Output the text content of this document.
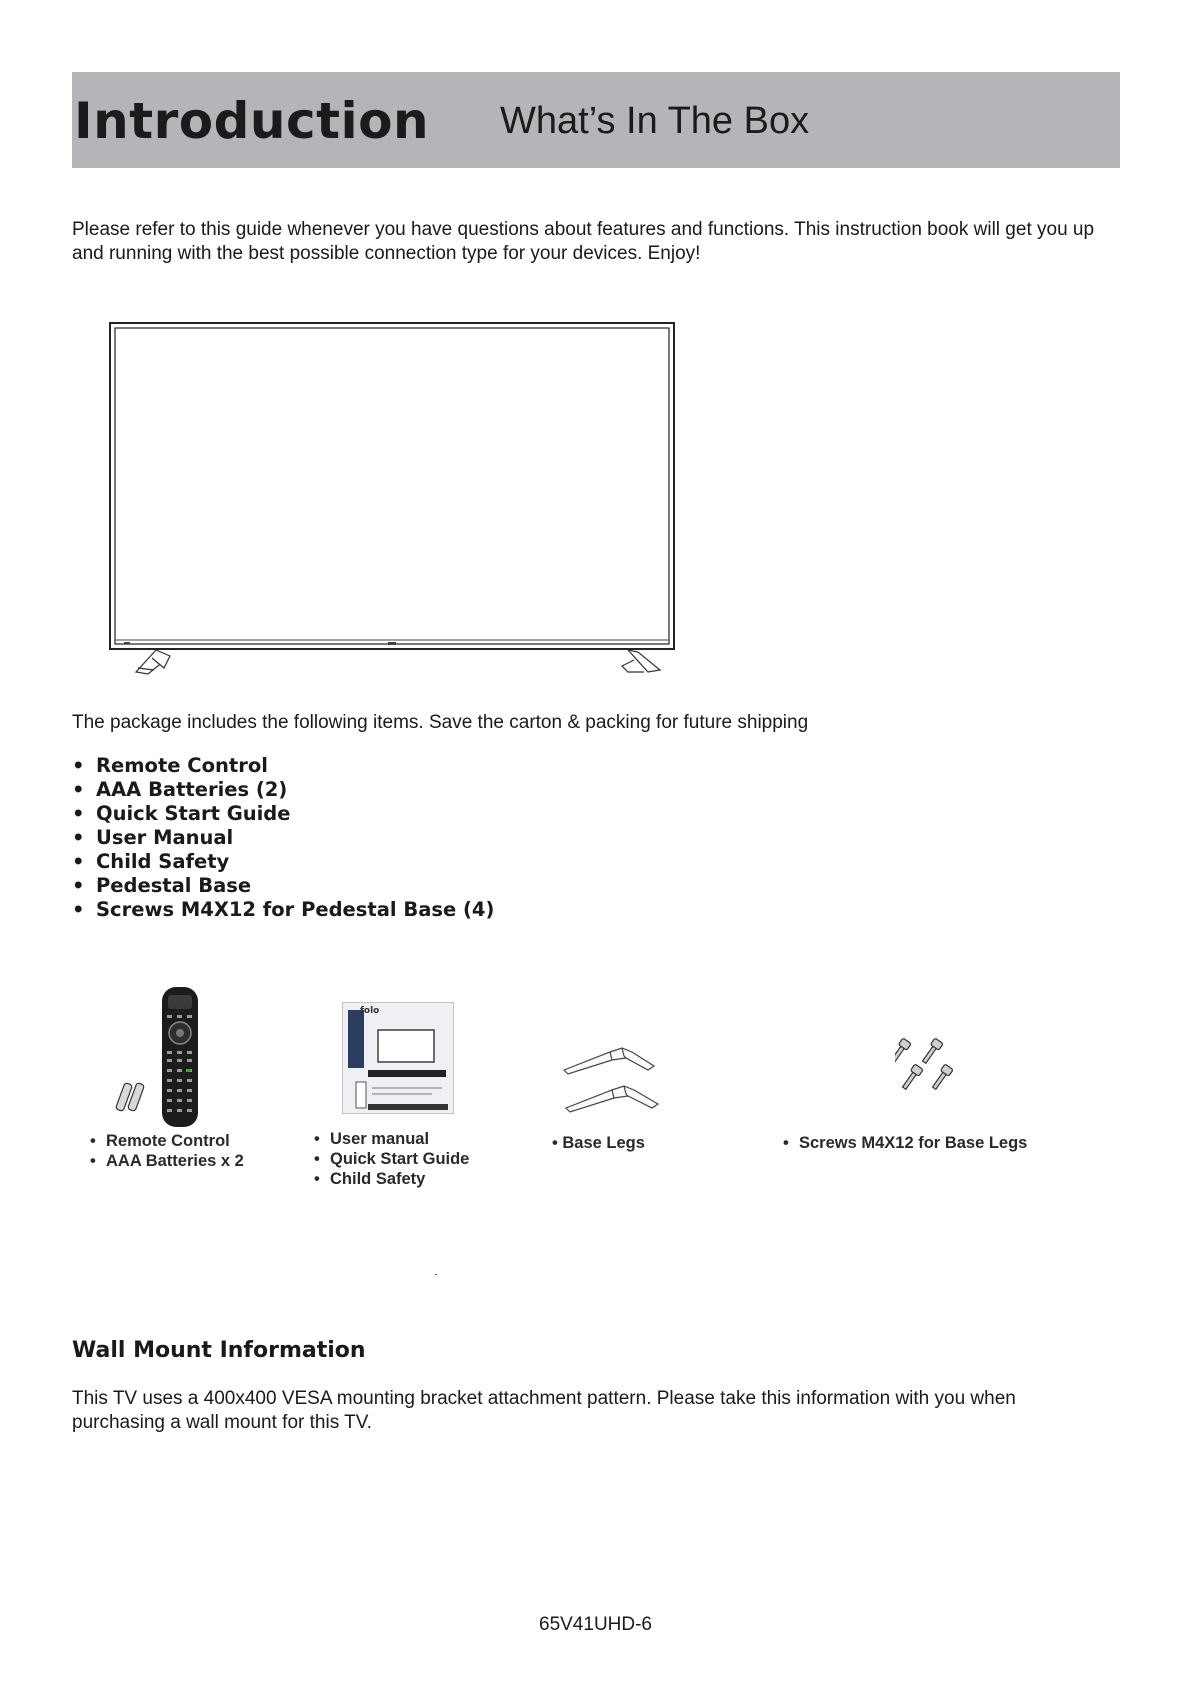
Introduction What’s In The Box
Please refer to this guide whenever you have questions about features and functions. This instruction book will get you up and running with the best possible connection type for your devices. Enjoy!
The package includes the following items. Save the carton & packing for future shipping
• Remote Control
• AAA Batteries (2)
• Quick Start Guide
• User Manual
• Child Safety
• Pedestal Base
• Screws M4X12 for Pedestal Base (4)
• Remote Control
• AAA Batteries x 2
ƒolo
• User manual
• Quick Start Guide
• Child Safety
• Base Legs	• Screws M4X12 for Base Legs
Wall Mount Information
This TV uses a 400x400 VESA mounting bracket attachment pattern. Please take this information with you when purchasing a wall mount for this TV.
65V41UHD-6
